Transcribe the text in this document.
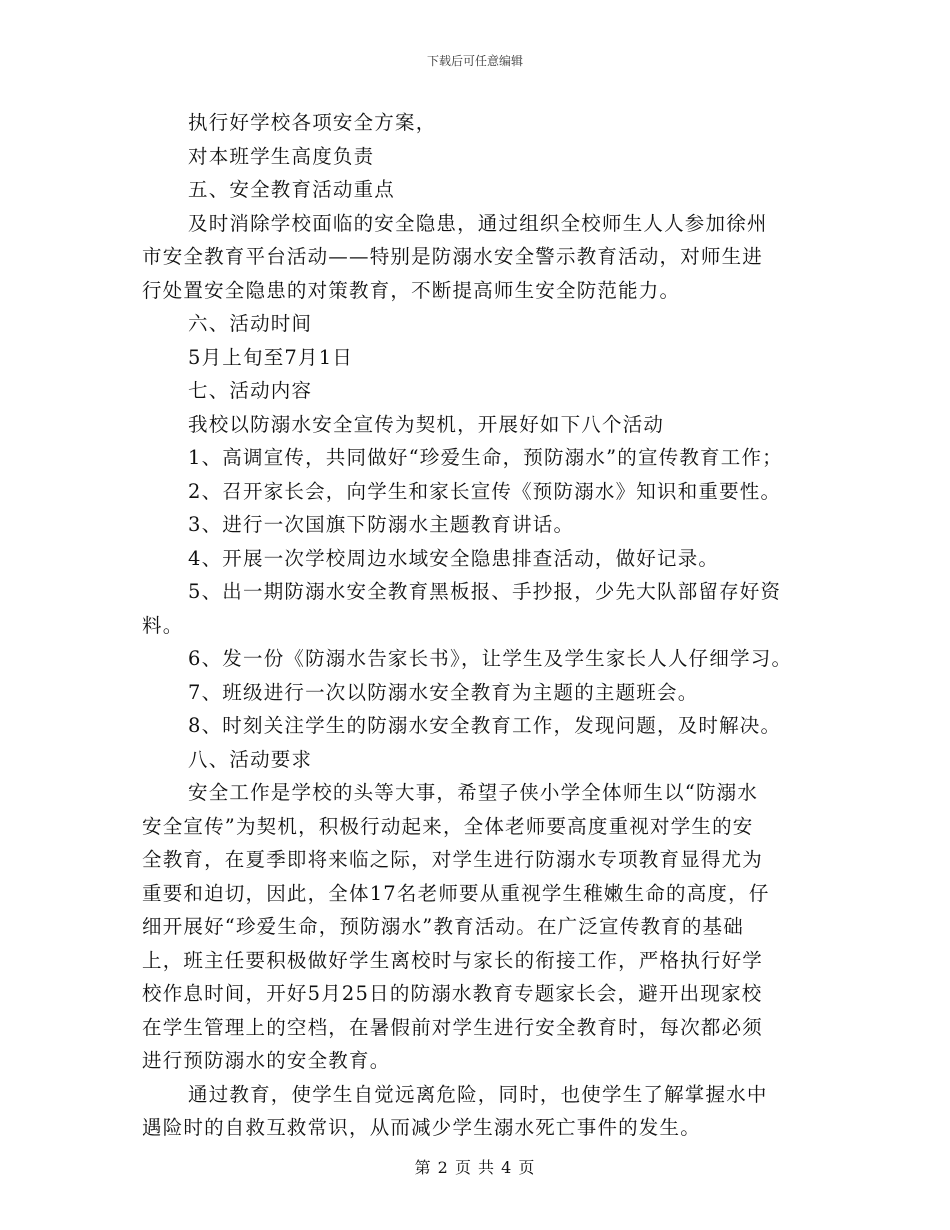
下载后可任意编辑
执行好学校各项安全方案，
对本班学生高度负责
五、安全教育活动重点
及时消除学校面临的安全隐患，通过组织全校师生人人参加徐州
市安全教育平台活动——特别是防溺水安全警示教育活动，对师生进
行处置安全隐患的对策教育，不断提高师生安全防范能力。
六、活动时间
5月上旬至7月1日
七、活动内容
我校以防溺水安全宣传为契机，开展好如下八个活动
1、高调宣传，共同做好“珍爱生命，预防溺水”的宣传教育工作；
2、召开家长会，向学生和家长宣传《预防溺水》知识和重要性。
3、进行一次国旗下防溺水主题教育讲话。
4、开展一次学校周边水域安全隐患排查活动，做好记录。
5、出一期防溺水安全教育黑板报、手抄报，少先大队部留存好资
料。
6、发一份《防溺水告家长书》，让学生及学生家长人人仔细学习。
7、班级进行一次以防溺水安全教育为主题的主题班会。
8、时刻关注学生的防溺水安全教育工作，发现问题，及时解决。
八、活动要求
安全工作是学校的头等大事，希望子侠小学全体师生以“防溺水
安全宣传”为契机，积极行动起来，全体老师要高度重视对学生的安
全教育，在夏季即将来临之际，对学生进行防溺水专项教育显得尤为
重要和迫切，因此，全体17名老师要从重视学生稚嫩生命的高度，仔
细开展好“珍爱生命，预防溺水”教育活动。在广泛宣传教育的基础
上，班主任要积极做好学生离校时与家长的衔接工作，严格执行好学
校作息时间，开好5月25日的防溺水教育专题家长会，避开出现家校
在学生管理上的空档，在暑假前对学生进行安全教育时，每次都必须
进行预防溺水的安全教育。
通过教育，使学生自觉远离危险，同时，也使学生了解掌握水中
遇险时的自救互救常识，从而减少学生溺水死亡事件的发生。
第 2 页 共 4 页
